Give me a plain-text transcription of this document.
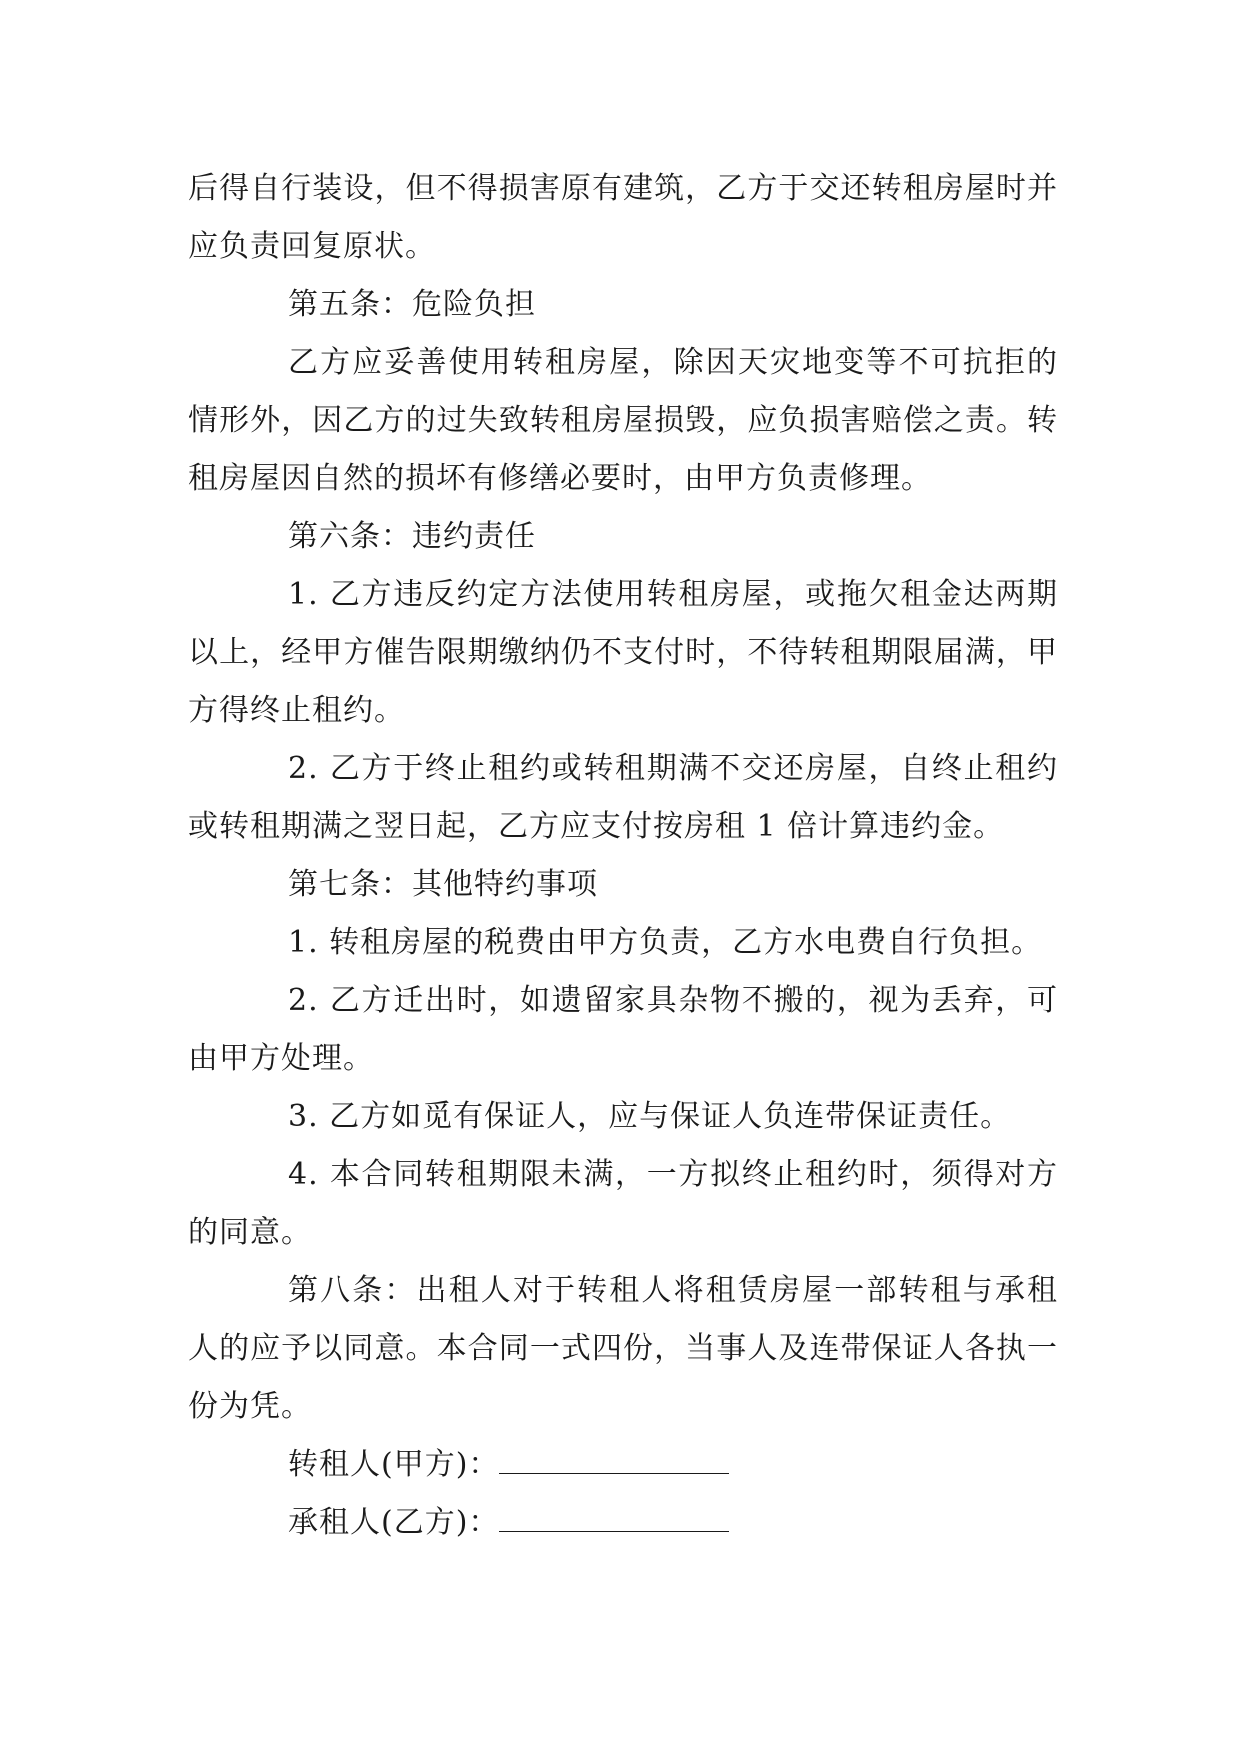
后得自行装设，但不得损害原有建筑，乙方于交还转租房屋时并应负责回复原状。

第五条：危险负担

乙方应妥善使用转租房屋，除因天灾地变等不可抗拒的情形外，因乙方的过失致转租房屋损毁，应负损害赔偿之责。转租房屋因自然的损坏有修缮必要时，由甲方负责修理。

第六条：违约责任

1. 乙方违反约定方法使用转租房屋，或拖欠租金达两期以上，经甲方催告限期缴纳仍不支付时，不待转租期限届满，甲方得终止租约。

2. 乙方于终止租约或转租期满不交还房屋，自终止租约或转租期满之翌日起，乙方应支付按房租 1 倍计算违约金。

第七条：其他特约事项

1. 转租房屋的税费由甲方负责，乙方水电费自行负担。

2. 乙方迁出时，如遗留家具杂物不搬的，视为丢弃，可由甲方处理。

3. 乙方如觅有保证人，应与保证人负连带保证责任。

4. 本合同转租期限未满，一方拟终止租约时，须得对方的同意。

第八条：出租人对于转租人将租赁房屋一部转租与承租人的应予以同意。本合同一式四份，当事人及连带保证人各执一份为凭。

转租人(甲方)：

承租人(乙方)：
